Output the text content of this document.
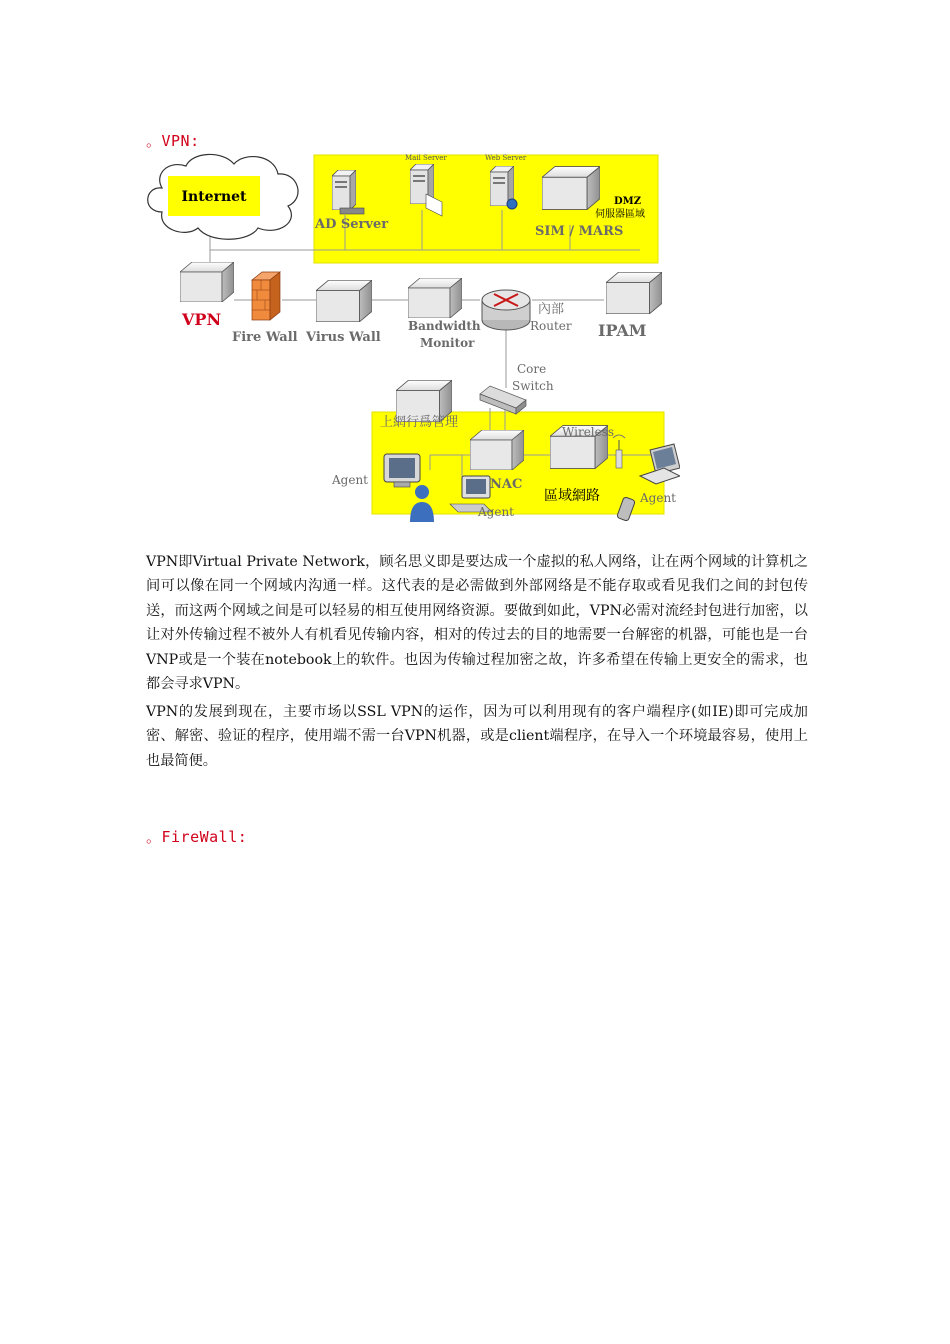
。VPN:
Internet
AD Server
Mail Server	Web Server
DMZ
伺服器區域
SIM / MARS
VPN
Fire Wall Virus Wall
Bandwidth
Monitor
內部
Router IPAM
Core
Switch
上網行爲管理
Wireless
Agent	NAC
Agent
區域網路	Agent

VPN即Virtual Private Network，顾名思义即是要达成一个虚拟的私人网络，让在两个网域的计算机之间可以像在同一个网域内沟通一样。这代表的是必需做到外部网络是不能存取或看见我们之间的封包传送，而这两个网域之间是可以轻易的相互使用网络资源。要做到如此，VPN必需对流经封包进行加密，以让对外传输过程不被外人有机看见传输内容，相对的传过去的目的地需要一台解密的机器，可能也是一台VNP或是一个装在notebook上的软件。也因为传输过程加密之故，许多希望在传输上更安全的需求，也都会寻求VPN。

VPN的发展到现在，主要市场以SSL VPN的运作，因为可以利用现有的客户端程序(如IE)即可完成加密、解密、验证的程序，使用端不需一台VPN机器，或是client端程序，在导入一个环境最容易，使用上也最简便。

。FireWall:
